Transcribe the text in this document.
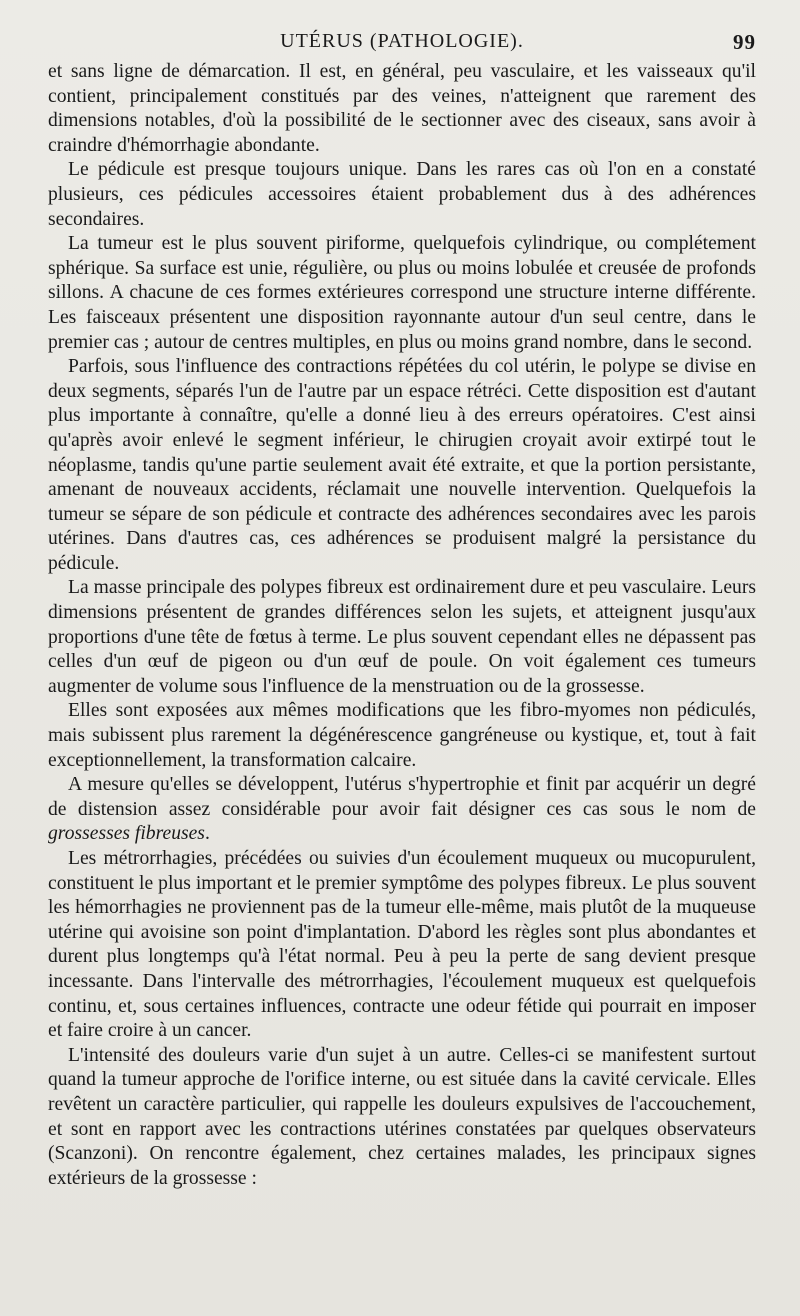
UTÉRUS (PATHOLOGIE).	99

et sans ligne de démarcation. Il est, en général, peu vasculaire, et les vaisseaux qu'il contient, principalement constitués par des veines, n'atteignent que rarement des dimensions notables, d'où la possibilité de le sectionner avec des ciseaux, sans avoir à craindre d'hémorrhagie abondante.

Le pédicule est presque toujours unique. Dans les rares cas où l'on en a constaté plusieurs, ces pédicules accessoires étaient probablement dus à des adhérences secondaires.

La tumeur est le plus souvent piriforme, quelquefois cylindrique, ou complétement sphérique. Sa surface est unie, régulière, ou plus ou moins lobulée et creusée de profonds sillons. A chacune de ces formes extérieures correspond une structure interne différente. Les faisceaux présentent une disposition rayonnante autour d'un seul centre, dans le premier cas ; autour de centres multiples, en plus ou moins grand nombre, dans le second.

Parfois, sous l'influence des contractions répétées du col utérin, le polype se divise en deux segments, séparés l'un de l'autre par un espace rétréci. Cette disposition est d'autant plus importante à connaître, qu'elle a donné lieu à des erreurs opératoires. C'est ainsi qu'après avoir enlevé le segment inférieur, le chirugien croyait avoir extirpé tout le néoplasme, tandis qu'une partie seulement avait été extraite, et que la portion persistante, amenant de nouveaux accidents, réclamait une nouvelle intervention. Quelquefois la tumeur se sépare de son pédicule et contracte des adhérences secondaires avec les parois utérines. Dans d'autres cas, ces adhérences se produisent malgré la persistance du pédicule.

La masse principale des polypes fibreux est ordinairement dure et peu vasculaire. Leurs dimensions présentent de grandes différences selon les sujets, et atteignent jusqu'aux proportions d'une tête de fœtus à terme. Le plus souvent cependant elles ne dépassent pas celles d'un œuf de pigeon ou d'un œuf de poule. On voit également ces tumeurs augmenter de volume sous l'influence de la menstruation ou de la grossesse.

Elles sont exposées aux mêmes modifications que les fibro-myomes non pédiculés, mais subissent plus rarement la dégénérescence gangréneuse ou kystique, et, tout à fait exceptionnellement, la transformation calcaire.

A mesure qu'elles se développent, l'utérus s'hypertrophie et finit par acquérir un degré de distension assez considérable pour avoir fait désigner ces cas sous le nom de grossesses fibreuses.

Les métrorrhagies, précédées ou suivies d'un écoulement muqueux ou mucopurulent, constituent le plus important et le premier symptôme des polypes fibreux. Le plus souvent les hémorrhagies ne proviennent pas de la tumeur elle-même, mais plutôt de la muqueuse utérine qui avoisine son point d'implantation. D'abord les règles sont plus abondantes et durent plus longtemps qu'à l'état normal. Peu à peu la perte de sang devient presque incessante. Dans l'intervalle des métrorrhagies, l'écoulement muqueux est quelquefois continu, et, sous certaines influences, contracte une odeur fétide qui pourrait en imposer et faire croire à un cancer.

L'intensité des douleurs varie d'un sujet à un autre. Celles-ci se manifestent surtout quand la tumeur approche de l'orifice interne, ou est située dans la cavité cervicale. Elles revêtent un caractère particulier, qui rappelle les douleurs expulsives de l'accouchement, et sont en rapport avec les contractions utérines constatées par quelques observateurs (Scanzoni). On rencontre également, chez certaines malades, les principaux signes extérieurs de la grossesse :
